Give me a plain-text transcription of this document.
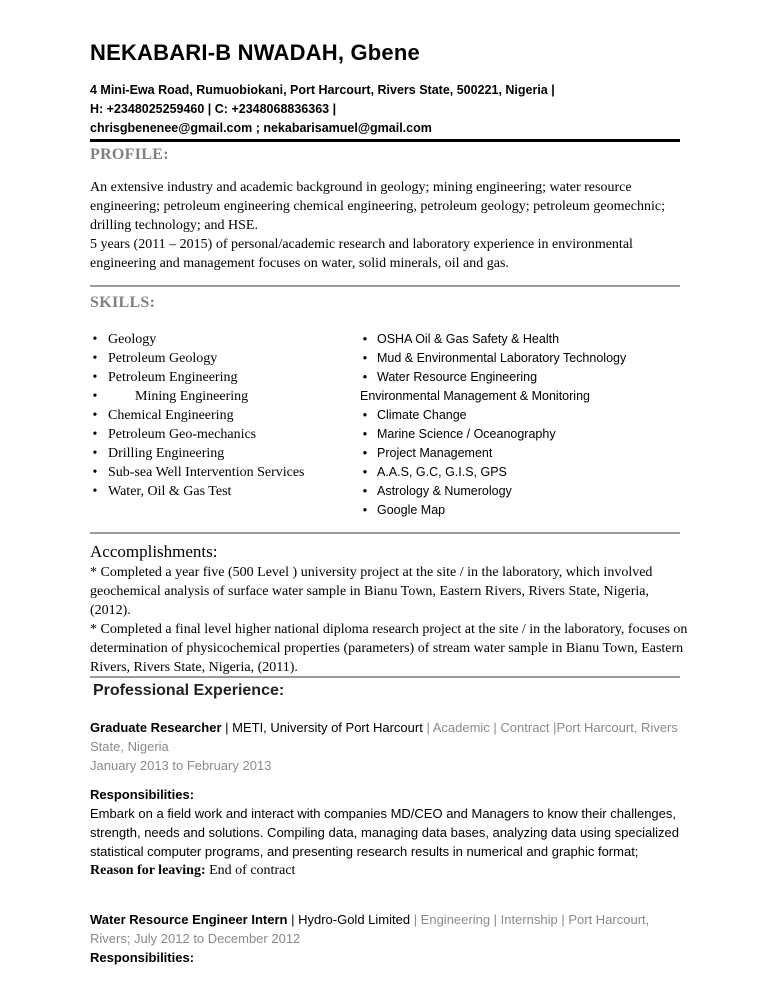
NEKABARI-B NWADAH, Gbene
4 Mini-Ewa Road, Rumuobiokani, Port Harcourt, Rivers State, 500221, Nigeria |
H: +2348025259460 | C: +2348068836363 |
chrisgbenenee@gmail.com ; nekabarisamuel@gmail.com
PROFILE:
An extensive industry and academic background in geology; mining engineering; water resource engineering; petroleum engineering chemical engineering, petroleum geology; petroleum geomechnic; drilling technology; and HSE.
5 years (2011 – 2015) of personal/academic research and laboratory experience in environmental engineering and management focuses on water, solid minerals, oil and gas.
SKILLS:
• Geology
• Petroleum Geology
• Petroleum Engineering
•	Mining Engineering
• Chemical Engineering
• Petroleum Geo-mechanics
• Drilling Engineering
• Sub-sea Well Intervention Services
• Water, Oil & Gas Test
• OSHA Oil & Gas Safety & Health
• Mud & Environmental Laboratory Technology
• Water Resource Engineering
Environmental Management & Monitoring
• Climate Change
• Marine Science / Oceanography
• Project Management
• A.A.S, G.C, G.I.S, GPS
• Astrology & Numerology
• Google Map
Accomplishments:
* Completed a year five (500 Level ) university project at the site / in the laboratory, which involved geochemical analysis of surface water sample in Bianu Town, Eastern Rivers, Rivers State, Nigeria, (2012).
* Completed a final level higher national diploma research project at the site / in the laboratory, focuses on determination of physicochemical properties (parameters) of stream water sample in Bianu Town, Eastern Rivers, Rivers State, Nigeria, (2011).
Professional Experience:
Graduate Researcher | METI, University of Port Harcourt | Academic | Contract |Port Harcourt, Rivers State, Nigeria
January 2013 to February 2013
Responsibilities:
Embark on a field work and interact with companies MD/CEO and Managers to know their challenges, strength, needs and solutions. Compiling data, managing data bases, analyzing data using specialized statistical computer programs, and presenting research results in numerical and graphic format;
Reason for leaving: End of contract
Water Resource Engineer Intern | Hydro-Gold Limited | Engineering | Internship | Port Harcourt, Rivers; July 2012 to December 2012
Responsibilities:
